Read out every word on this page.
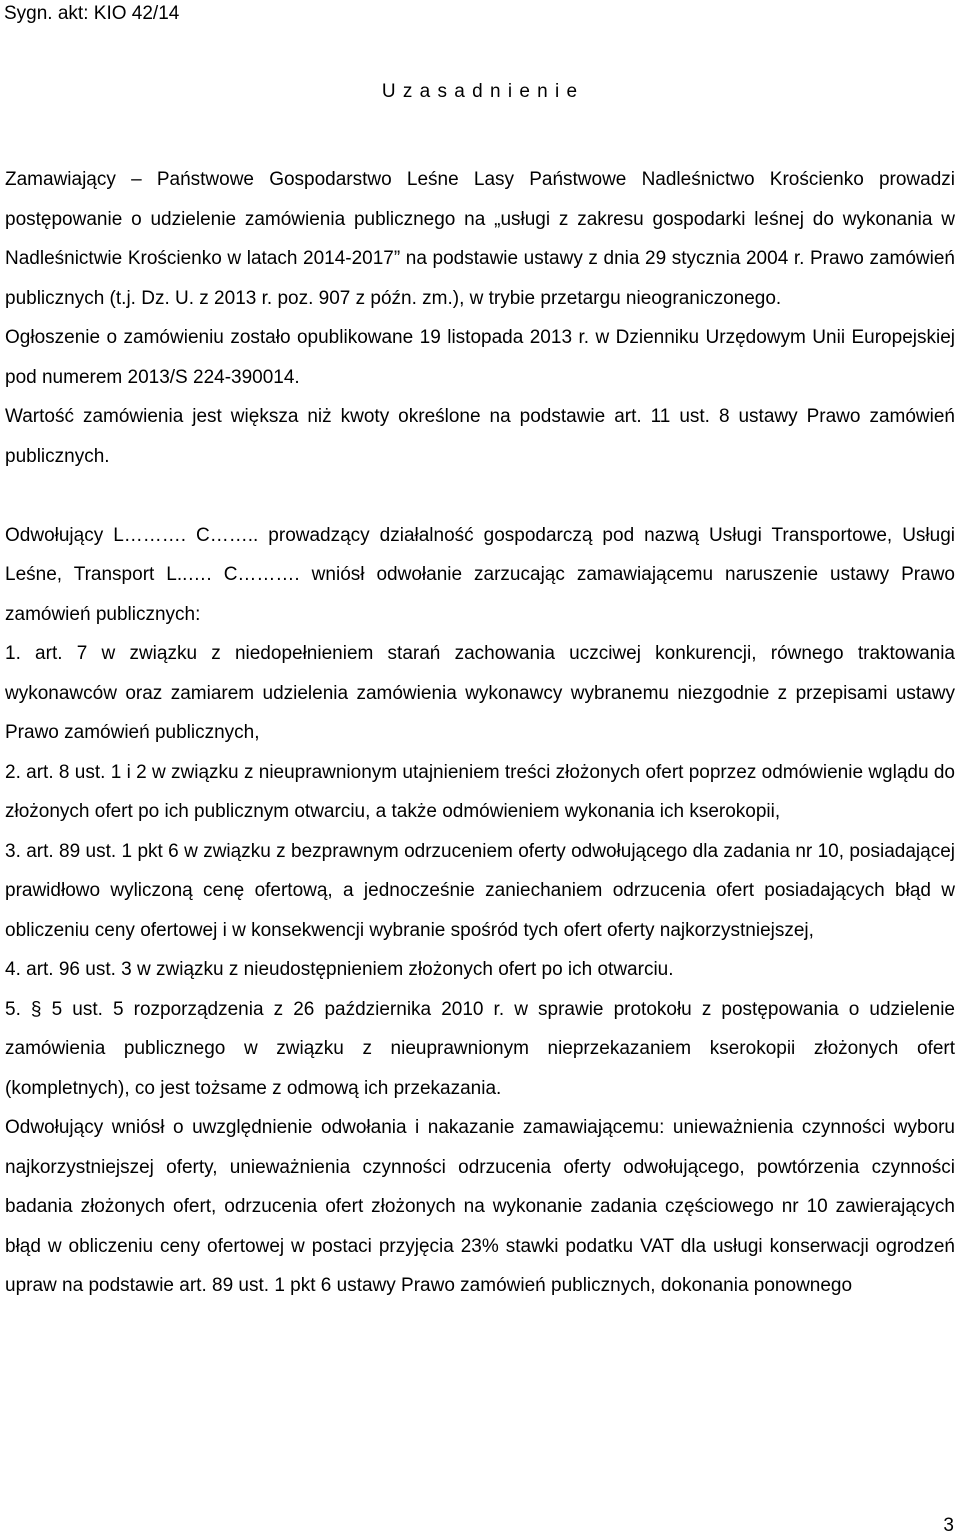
Sygn. akt: KIO 42/14
U z a s a d n i e n i e

Zamawiający – Państwowe Gospodarstwo Leśne Lasy Państwowe Nadleśnictwo Krościenko prowadzi postępowanie o udzielenie zamówienia publicznego na „usługi z zakresu gospodarki leśnej do wykonania w Nadleśnictwie Krościenko w latach 2014-2017” na podstawie ustawy z dnia 29 stycznia 2004 r. Prawo zamówień publicznych (t.j. Dz. U. z 2013 r. poz. 907 z późn. zm.), w trybie przetargu nieograniczonego.

Ogłoszenie o zamówieniu zostało opublikowane 19 listopada 2013 r. w Dzienniku Urzędowym Unii Europejskiej pod numerem 2013/S 224-390014.

Wartość zamówienia jest większa niż kwoty określone na podstawie art. 11 ust. 8 ustawy Prawo zamówień publicznych.

Odwołujący L………. C…….. prowadzący działalność gospodarczą pod nazwą Usługi Transportowe, Usługi Leśne, Transport L..…. C………. wniósł odwołanie zarzucając zamawiającemu naruszenie ustawy Prawo zamówień publicznych:

1. art. 7 w związku z niedopełnieniem starań zachowania uczciwej konkurencji, równego traktowania wykonawców oraz zamiarem udzielenia zamówienia wykonawcy wybranemu niezgodnie z przepisami ustawy Prawo zamówień publicznych,

2. art. 8 ust. 1 i 2 w związku z nieuprawnionym utajnieniem treści złożonych ofert poprzez odmówienie wglądu do złożonych ofert po ich publicznym otwarciu, a także odmówieniem wykonania ich kserokopii,

3. art. 89 ust. 1 pkt 6 w związku z bezprawnym odrzuceniem oferty odwołującego dla zadania nr 10, posiadającej prawidłowo wyliczoną cenę ofertową, a jednocześnie zaniechaniem odrzucenia ofert posiadających błąd w obliczeniu ceny ofertowej i w konsekwencji wybranie spośród tych ofert oferty najkorzystniejszej,

4. art. 96 ust. 3 w związku z nieudostępnieniem złożonych ofert po ich otwarciu.

5. § 5 ust. 5 rozporządzenia z 26 października 2010 r. w sprawie protokołu z postępowania o udzielenie zamówienia publicznego w związku z nieuprawnionym nieprzekazaniem kserokopii złożonych ofert (kompletnych), co jest tożsame z odmową ich przekazania.

Odwołujący wniósł o uwzględnienie odwołania i nakazanie zamawiającemu: unieważnienia czynności wyboru najkorzystniejszej oferty, unieważnienia czynności odrzucenia oferty odwołującego, powtórzenia czynności badania złożonych ofert, odrzucenia ofert złożonych na wykonanie zadania częściowego nr 10 zawierających błąd w obliczeniu ceny ofertowej w postaci przyjęcia 23% stawki podatku VAT dla usługi konserwacji ogrodzeń upraw na podstawie art. 89 ust. 1 pkt 6 ustawy Prawo zamówień publicznych, dokonania ponownego

3
